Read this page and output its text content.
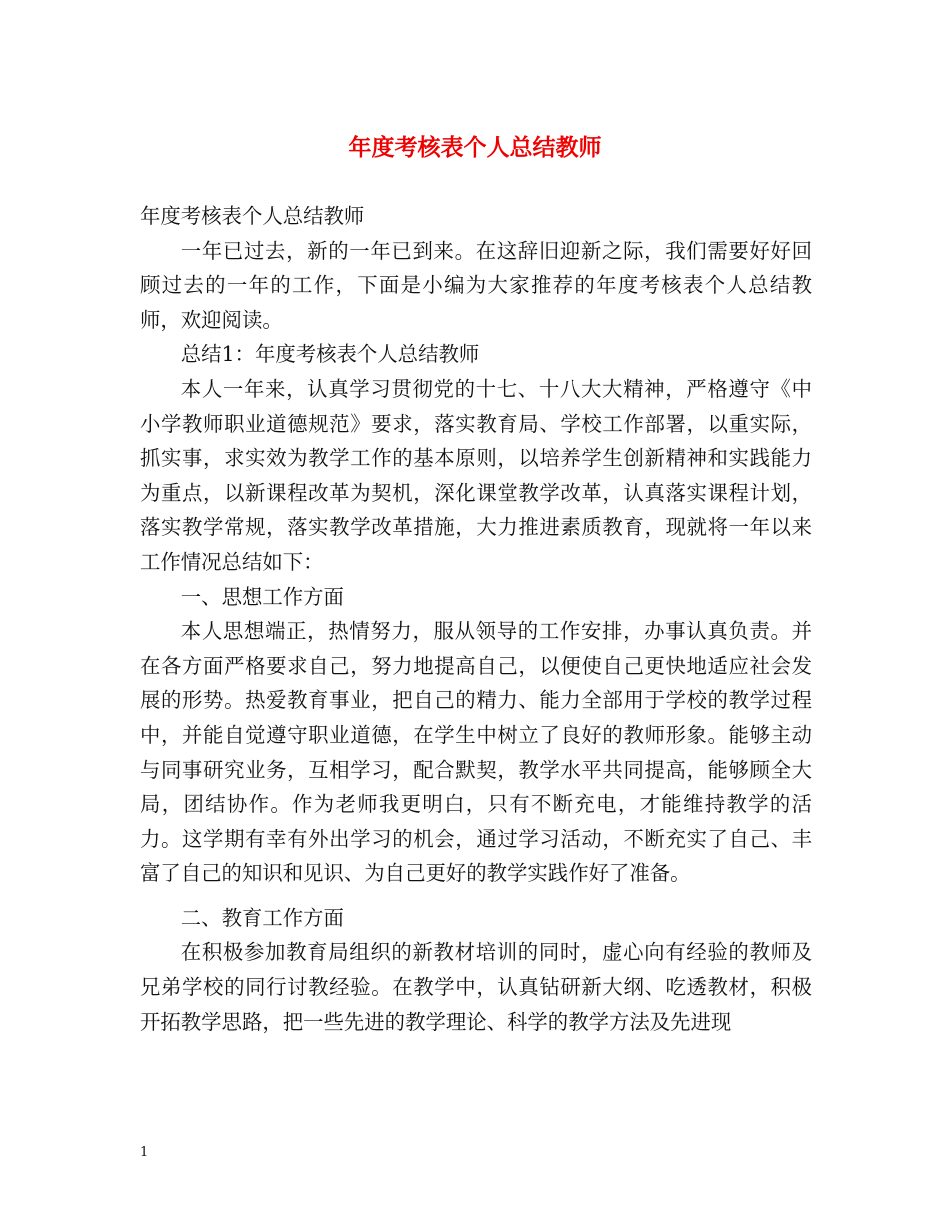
年度考核表个人总结教师

年度考核表个人总结教师

一年已过去，新的一年已到来。在这辞旧迎新之际，我们需要好好回顾过去的一年的工作，下面是小编为大家推荐的年度考核表个人总结教师，欢迎阅读。

总结1：年度考核表个人总结教师

本人一年来，认真学习贯彻党的十七、十八大大精神，严格遵守《中小学教师职业道德规范》要求，落实教育局、学校工作部署，以重实际，抓实事，求实效为教学工作的基本原则，以培养学生创新精神和实践能力为重点，以新课程改革为契机，深化课堂教学改革，认真落实课程计划，落实教学常规，落实教学改革措施，大力推进素质教育，现就将一年以来工作情况总结如下：

一、思想工作方面

本人思想端正，热情努力，服从领导的工作安排，办事认真负责。并在各方面严格要求自己，努力地提高自己，以便使自己更快地适应社会发展的形势。热爱教育事业，把自己的精力、能力全部用于学校的教学过程中，并能自觉遵守职业道德，在学生中树立了良好的教师形象。能够主动与同事研究业务，互相学习，配合默契，教学水平共同提高，能够顾全大局，团结协作。作为老师我更明白，只有不断充电，才能维持教学的活力。这学期有幸有外出学习的机会，通过学习活动，不断充实了自己、丰富了自己的知识和见识、为自己更好的教学实践作好了准备。

二、教育工作方面

在积极参加教育局组织的新教材培训的同时，虚心向有经验的教师及兄弟学校的同行讨教经验。在教学中，认真钻研新大纲、吃透教材，积极开拓教学思路，把一些先进的教学理论、科学的教学方法及先进现

1
